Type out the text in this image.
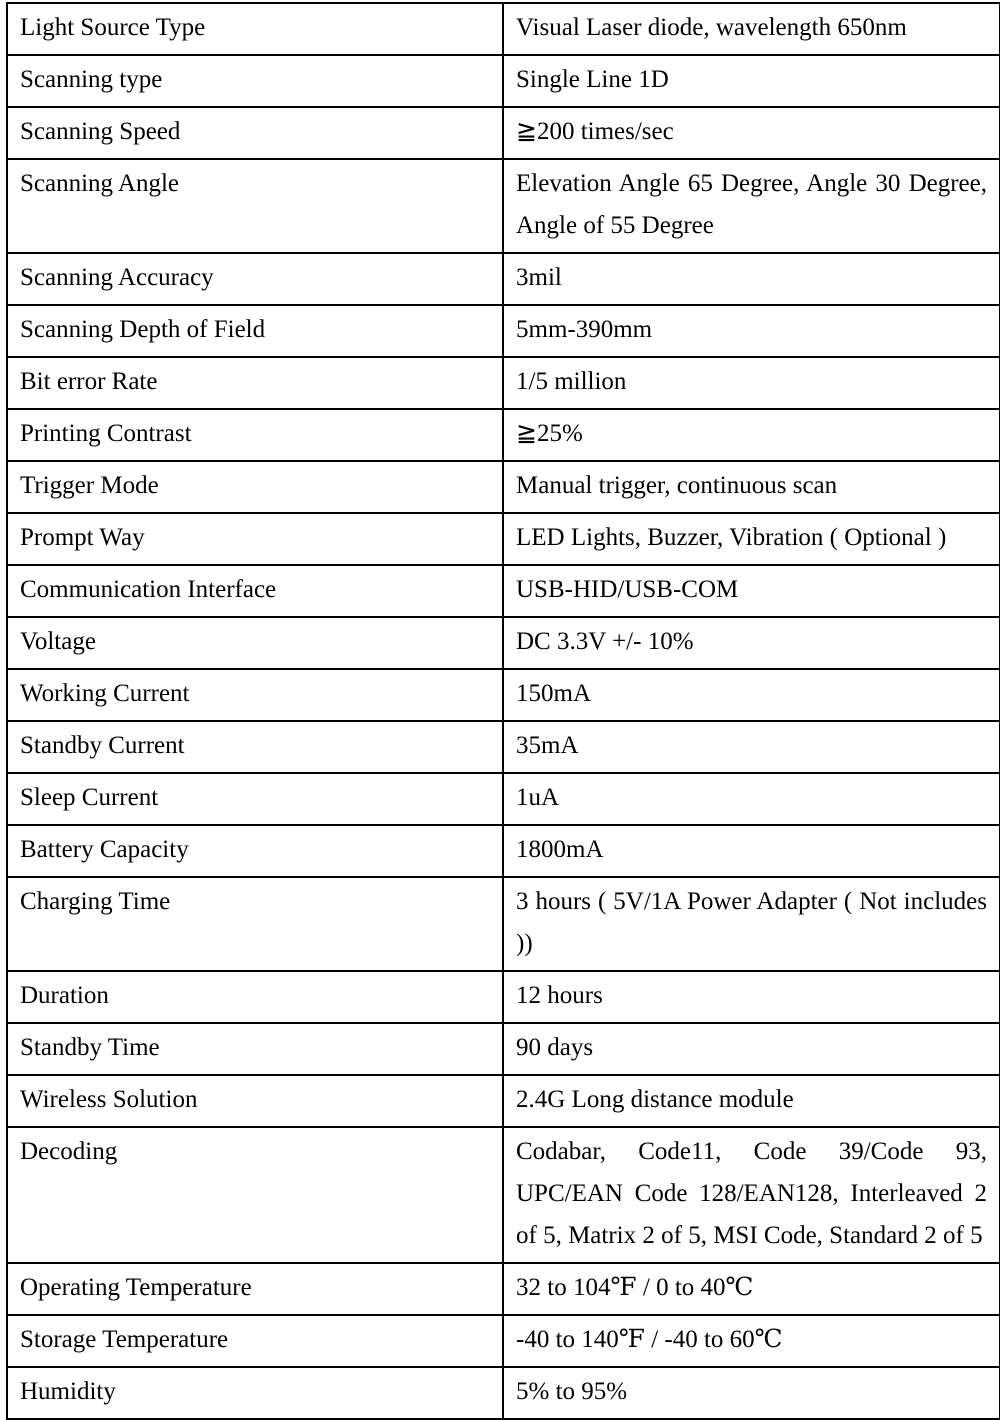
Light Source Type	Visual Laser diode, wavelength 650nm
Scanning type	Single Line 1D
Scanning Speed	≧200 times/sec
Scanning Angle	Elevation Angle 65 Degree, Angle 30 Degree, Angle of 55 Degree
Scanning Accuracy	3mil
Scanning Depth of Field	5mm-390mm
Bit error Rate	1/5 million
Printing Contrast	≧25%
Trigger Mode	Manual trigger, continuous scan
Prompt Way	LED Lights, Buzzer, Vibration ( Optional )
Communication Interface	USB-HID/USB-COM
Voltage	DC 3.3V +/- 10%
Working Current	150mA
Standby Current	35mA
Sleep Current	1uA
Battery Capacity	1800mA
Charging Time	3 hours ( 5V/1A Power Adapter ( Not includes ))
Duration	12 hours
Standby Time	90 days
Wireless Solution	2.4G Long distance module
Decoding	Codabar, Code11, Code 39/Code 93, UPC/EAN Code 128/EAN128, Interleaved 2 of 5, Matrix 2 of 5, MSI Code, Standard 2 of 5
Operating Temperature	32 to 104℉ / 0 to 40℃
Storage Temperature	-40 to 140℉ / -40 to 60℃
Humidity	5% to 95%
